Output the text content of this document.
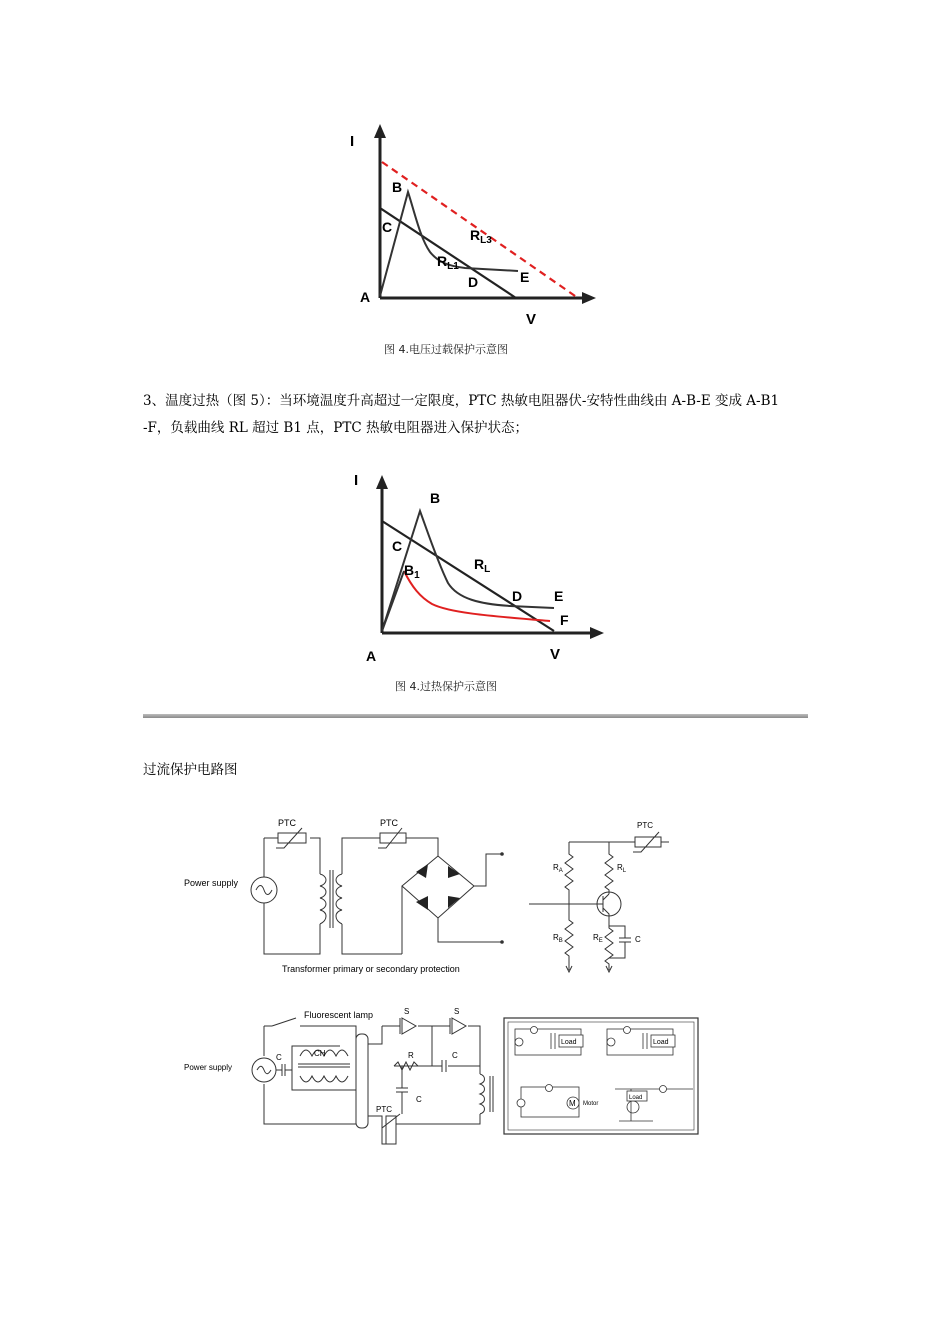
I
V
A
B
C
D	E
$R_{L1}$
$R_{L3}$
图 4.电压过载保护示意图
3、温度过热（图 5）：当环境温度升高超过一定限度，PTC 热敏电阻器伏-安特性曲线由 A-B-E 变成 A-B1
-F，负载曲线 RL 超过 B1 点，PTC 热敏电阻器进入保护状态；
I
V
A
B
C
$B_1$
D E
F
$R_L$
图 4.过热保护示意图
过流保护电路图
PTC	PTC
Power supply
Transformer primary or secondary protection
PTC
$R_A$	$R_L$
$R_B$	$R_E$	C
Fluorescent lamp
Power supply
C	CH
S	S
R	C
C
PTC
Load	Load
M Motor
Load
